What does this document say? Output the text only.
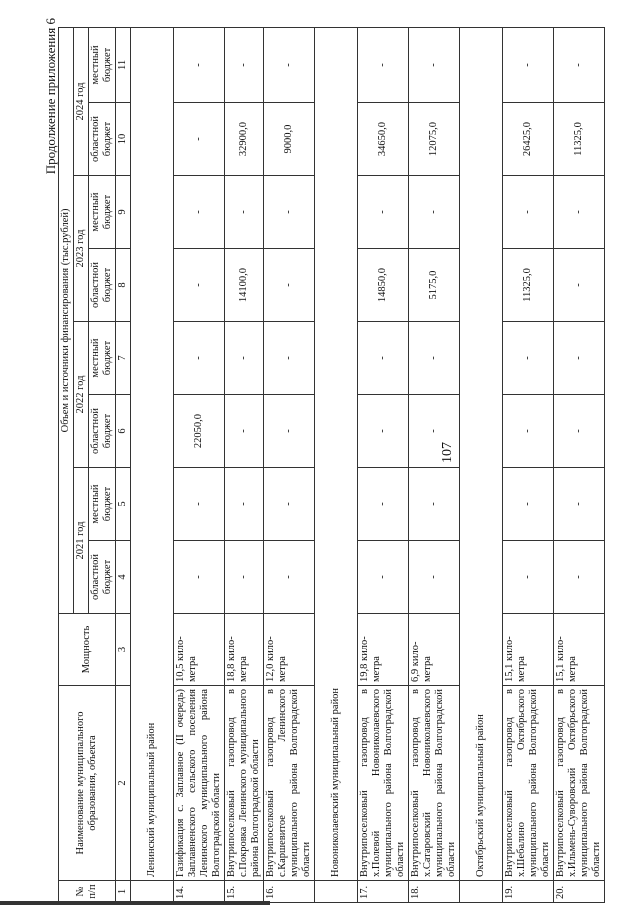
Продолжение приложения 6
№ п/п	Наименование муниципального образования, объекта	Мощность	Объем и источники финансирования (тыс.рублей)							
			2021 год		2022 год		2023 год		2024 год	
			областной бюджет	местный бюджет	областной бюджет	местный бюджет	областной бюджет	местный бюджет	областной бюджет	местный бюджет
1	2	3	4	5	6	7	8	9	10	11
	Ленинский муниципальный район									
14.	Газификация с. Заплавное (II очередь) Заплавненского сельского поселения Ленинского муниципального района Волгоградской области	10,5 кило-метра	-	-	22050,0	-	-	-	-	-
15.	Внутрипоселковый газопровод в с.Покровка Ленинского муниципального района Волгоградской области	18,8 кило-метра	-	-	-	-	14100,0	-	32900,0	-
16.	Внутрипоселковый газопровод в с.Каршевитое Ленинского муниципального района Волгоградской области	12,0 кило-метра	-	-	-	-	-	-	9000,0	-
	Новониколаевский муниципальный район									
17.	Внутрипоселковый газопровод в х.Полевой Новониколаевского муниципального района Волгоградской области	19,8 кило-метра	-	-	-	-	14850,0	-	34650,0	-
18.	Внутрипоселковый газопровод в х.Сатаровский Новониколаевского муниципального района Волгоградской области	6,9 кило-метра	-	-	-	-	5175,0	-	12075,0	-
	Октябрьский муниципальный район									
19.	Внутрипоселковый газопровод в х.Шебалино Октябрьского муниципального района Волгоградской области	15,1 кило-метра	-	-	-	-	11325,0	-	26425,0	-
20.	Внутрипоселковый газопровод в х.Ильмень-Суворовский Октябрьского муниципального района Волгоградской области	15,1 кило-метра	-	-	-	-	-	-	11325,0	-
107
